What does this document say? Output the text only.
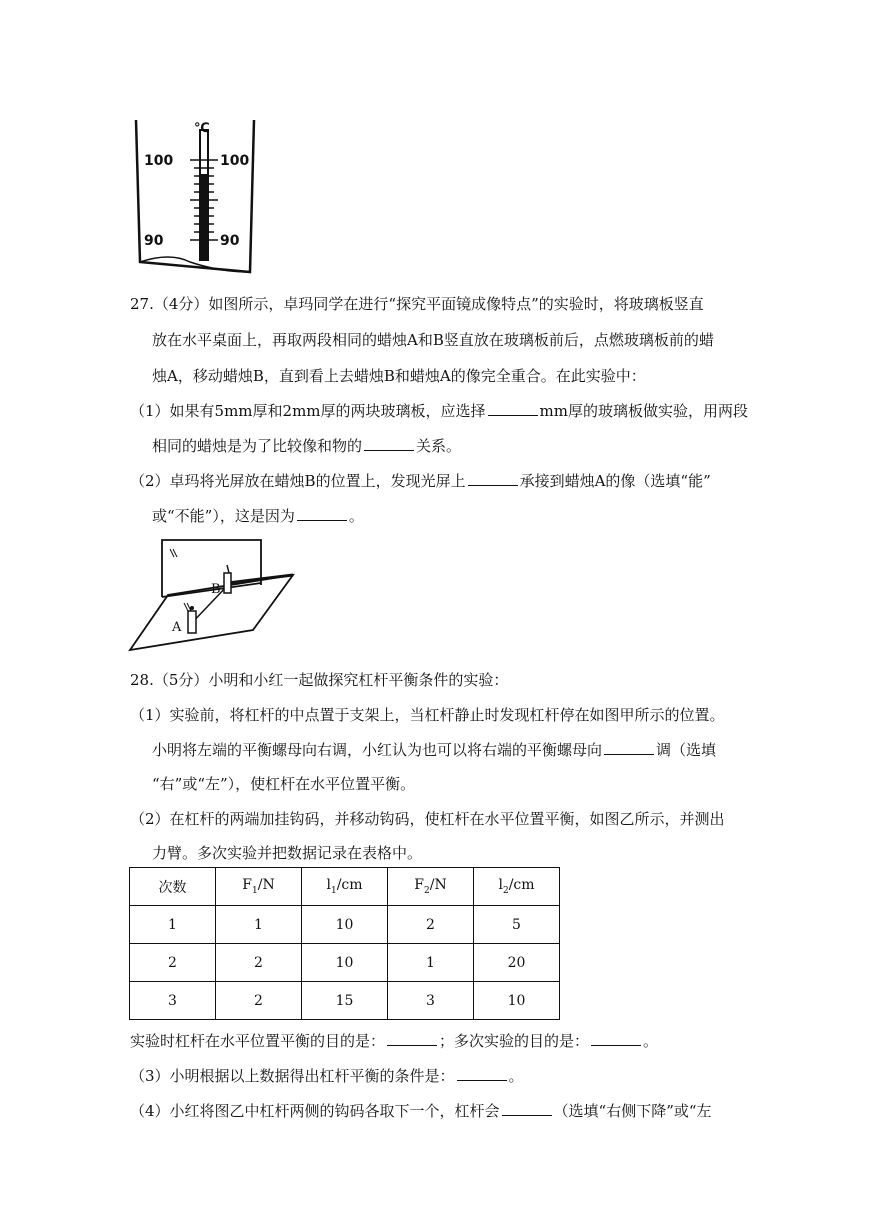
℃
100	100
90	90
27.（4分）如图所示，卓玛同学在进行“探究平面镜成像特点”的实验时，将玻璃板竖直
放在水平桌面上，再取两段相同的蜡烛A和B竖直放在玻璃板前后，点燃玻璃板前的蜡
烛A，移动蜡烛B，直到看上去蜡烛B和蜡烛A的像完全重合。在此实验中：
（1）如果有5mm厚和2mm厚的两块玻璃板，应选择	mm厚的玻璃板做实验，用两段
相同的蜡烛是为了比较像和物的	关系。
（2）卓玛将光屏放在蜡烛B的位置上，发现光屏上	承接到蜡烛A的像（选填“能”
或“不能”），这是因为	。
B
A
28.（5分）小明和小红一起做探究杠杆平衡条件的实验：
（1）实验前，将杠杆的中点置于支架上，当杠杆静止时发现杠杆停在如图甲所示的位置。
小明将左端的平衡螺母向右调，小红认为也可以将右端的平衡螺母向	调（选填
“右”或“左”），使杠杆在水平位置平衡。
（2）在杠杆的两端加挂钩码，并移动钩码，使杠杆在水平位置平衡，如图乙所示，并测出
力臂。多次实验并把数据记录在表格中。
次数	$F_1/N$	$l_1/cm$	$F_2/N$	$l_2/cm$
1	1	10	2	5
2	2	10	1	20
3	2	15	3	10
实验时杠杆在水平位置平衡的目的是：	；多次实验的目的是：	。
（3）小明根据以上数据得出杠杆平衡的条件是：	。
（4）小红将图乙中杠杆两侧的钩码各取下一个，杠杆会	（选填“右侧下降”或“左
